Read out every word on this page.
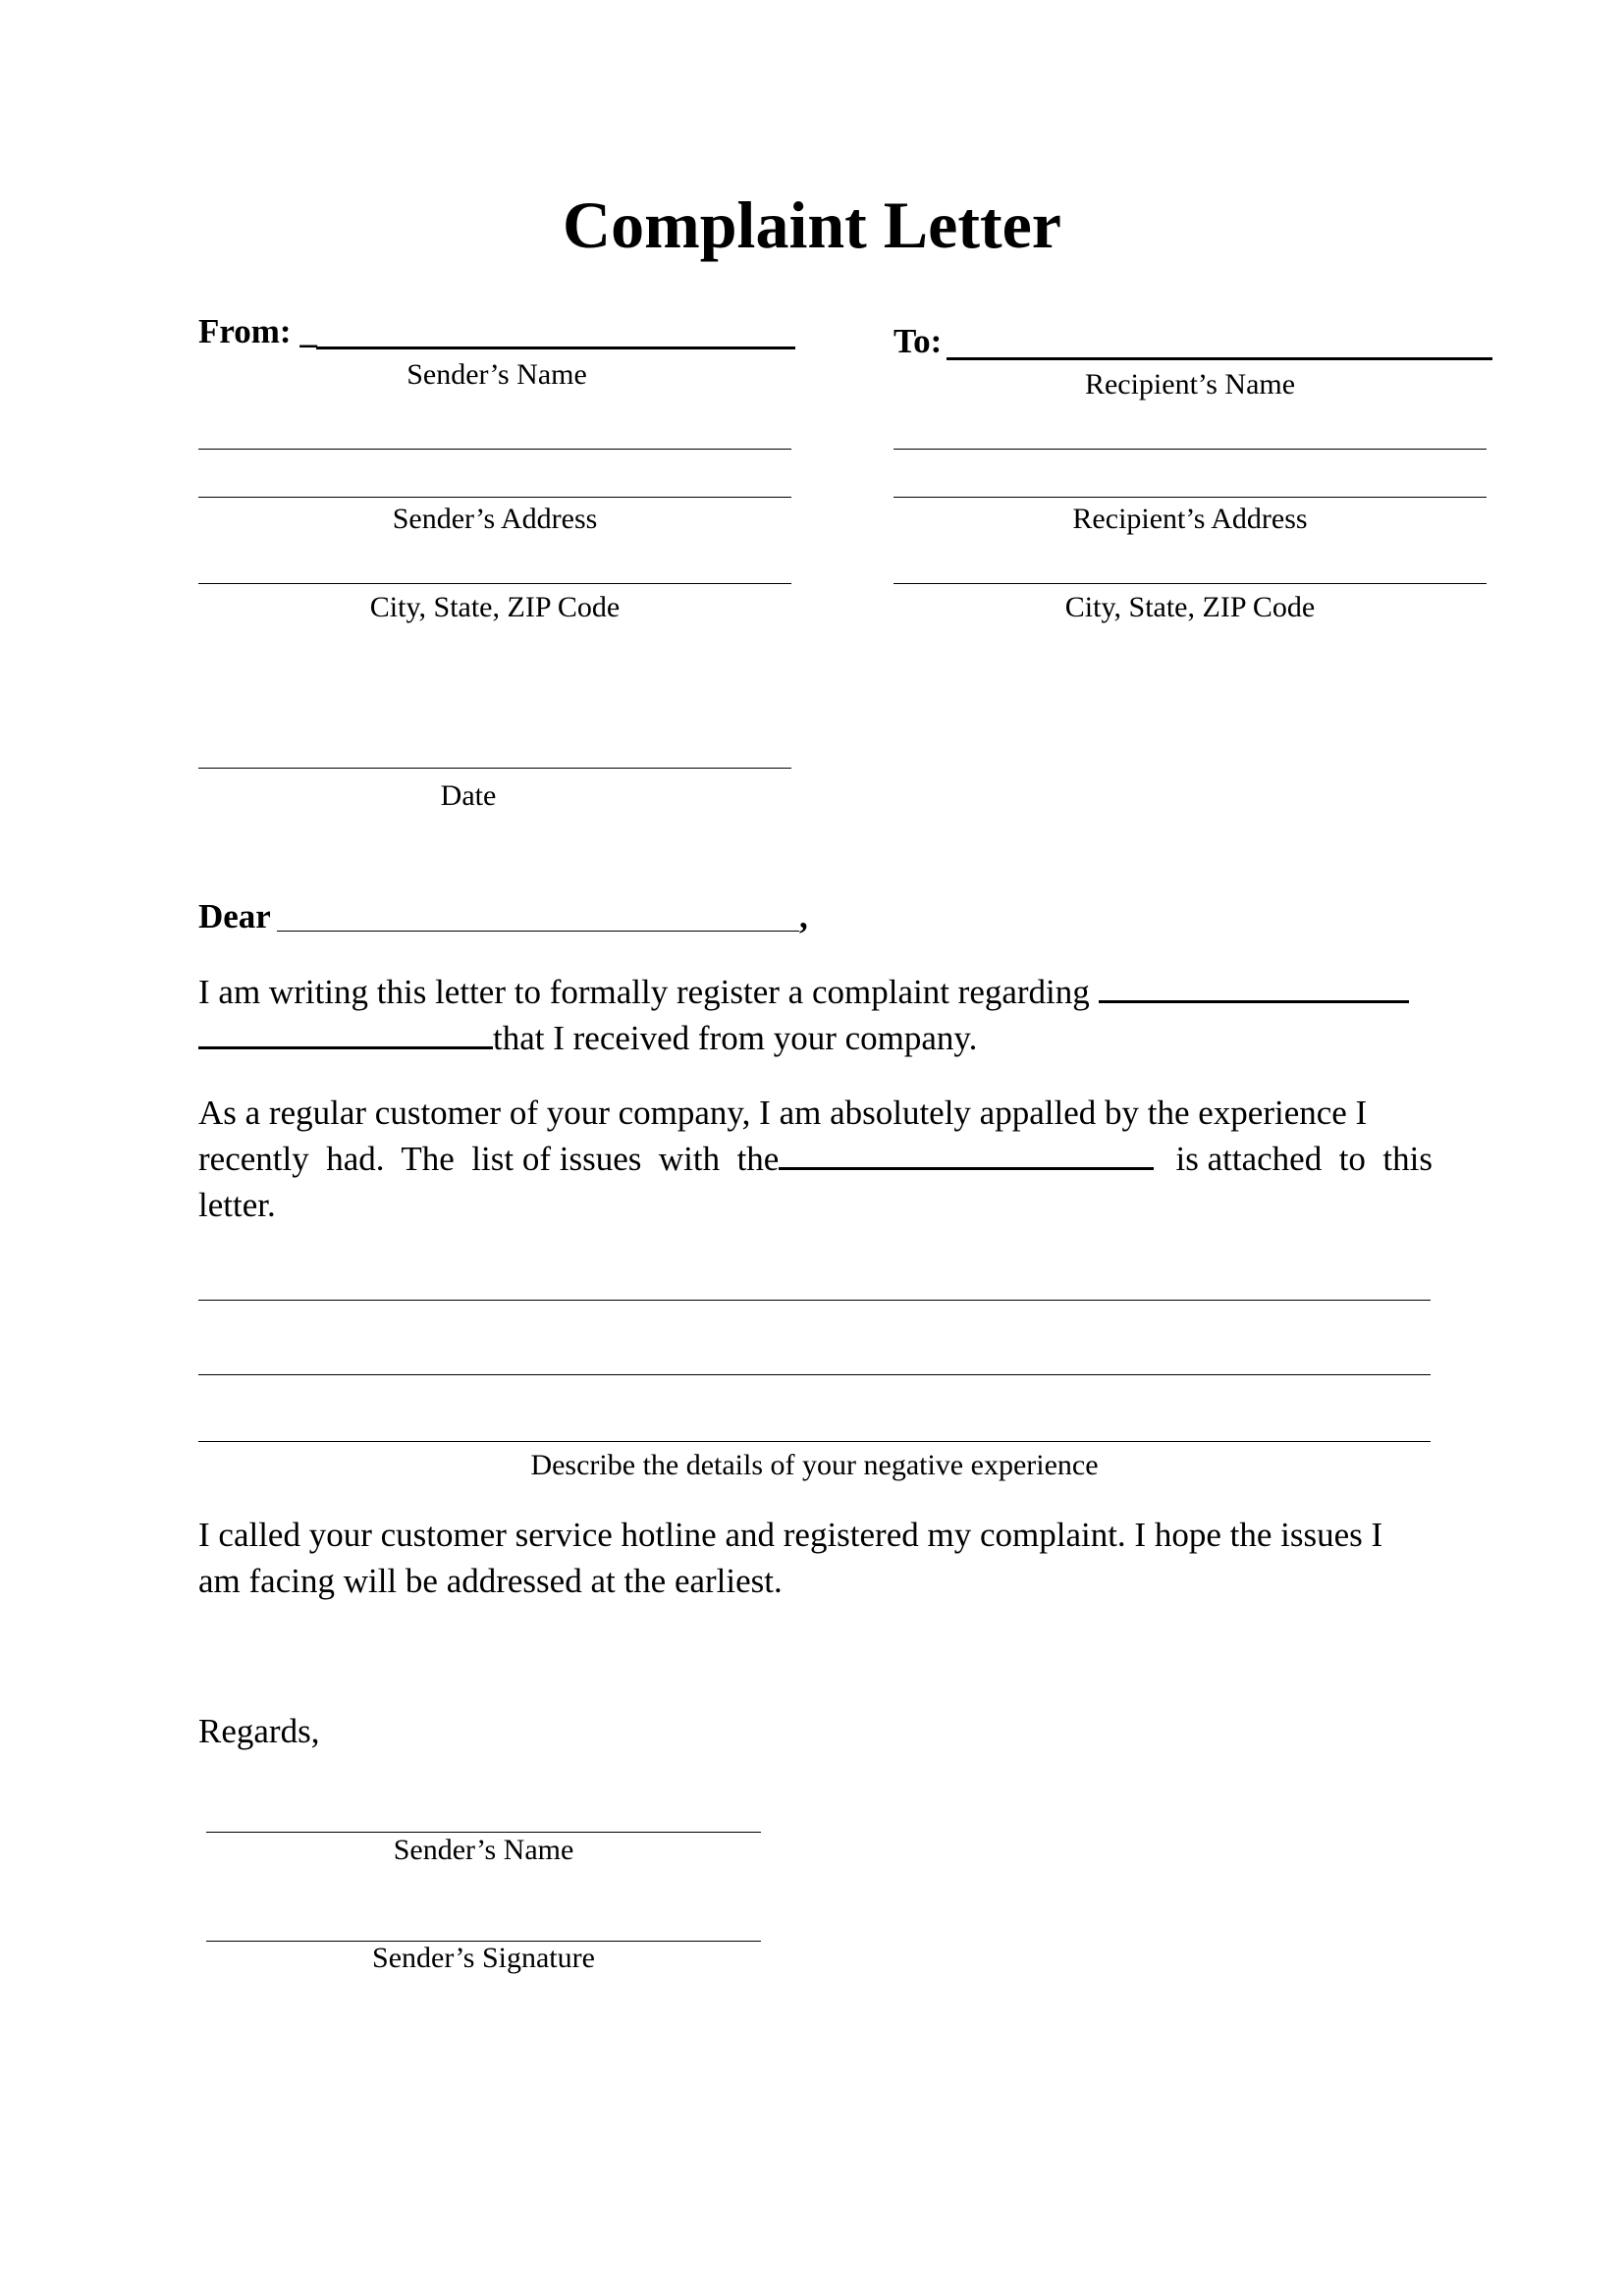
Complaint Letter
From: _
Sender’s Name
Sender’s Address
City, State, ZIP Code
To:
Recipient’s Name
Recipient’s Address
City, State, ZIP Code
Date
Dear	,
I am writing this letter to formally register a complaint regarding
that I received from your company.
As a regular customer of your company, I am absolutely appalled by the experience I
recently  had.  The  list of issues  with  the	is attached  to  this
letter.
Describe the details of your negative experience
I called your customer service hotline and registered my complaint. I hope the issues I
am facing will be addressed at the earliest.
Regards,
Sender’s Name
Sender’s Signature
